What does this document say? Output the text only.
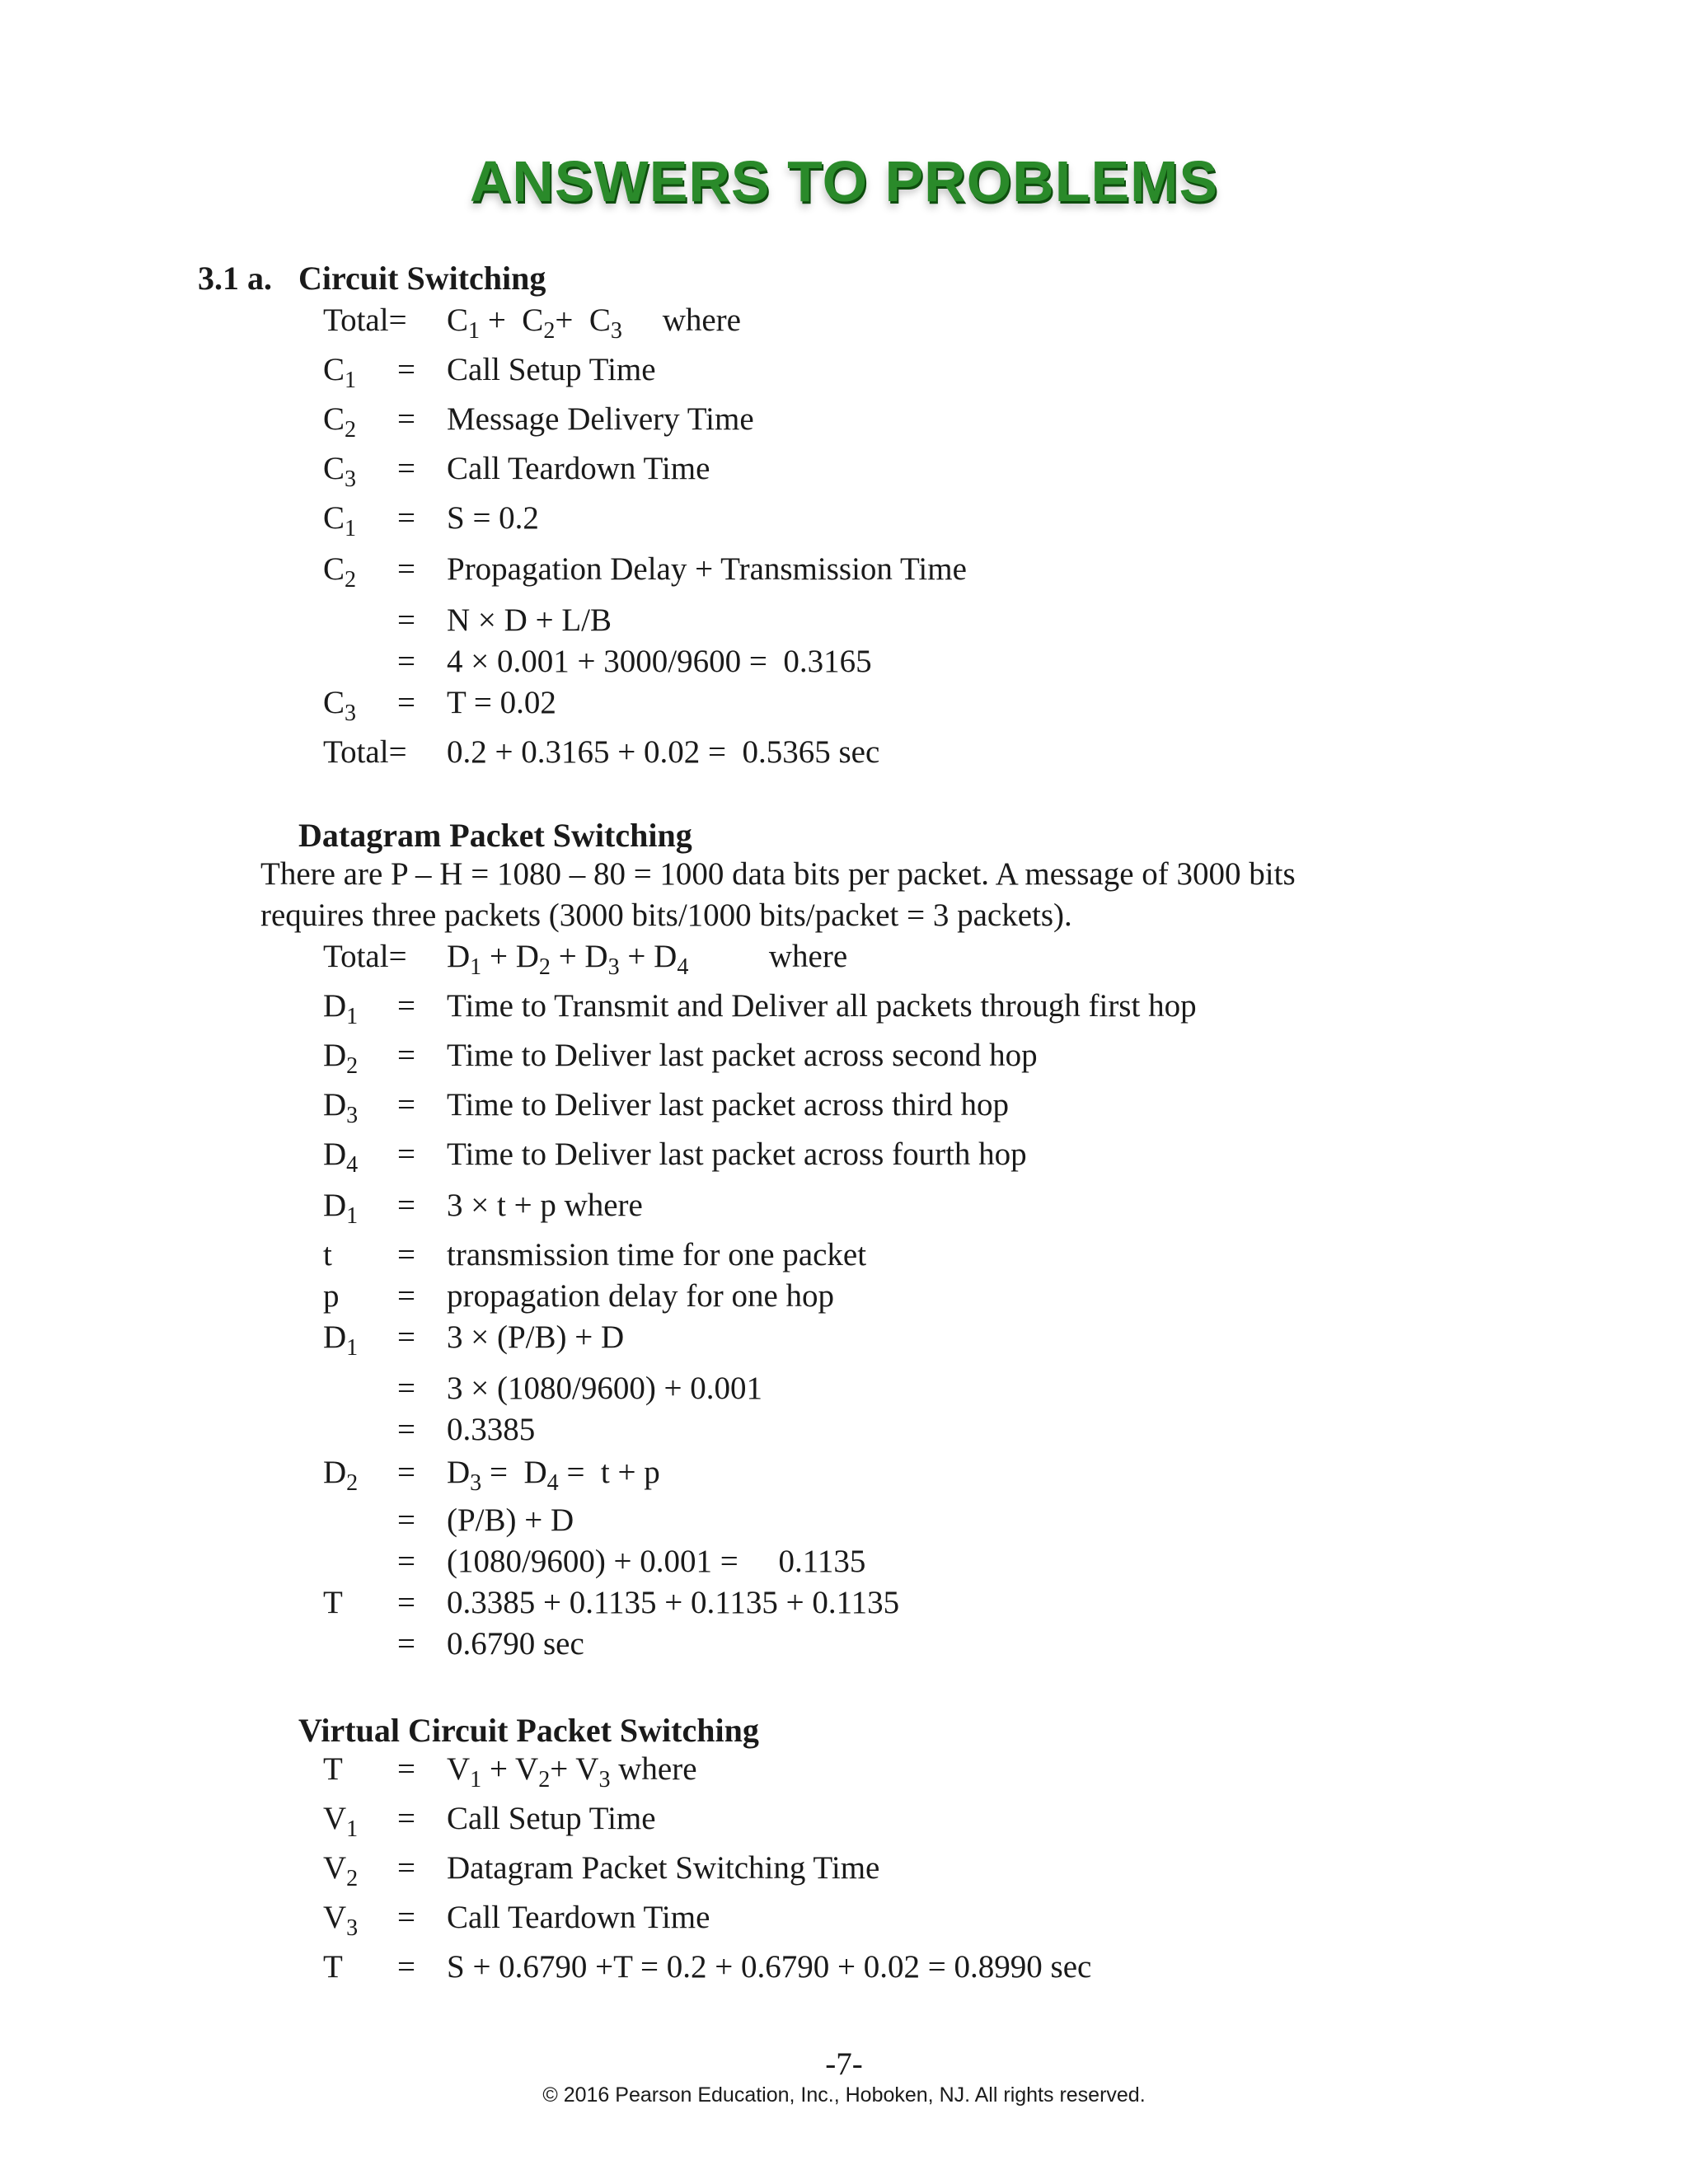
ANSWERS TO PROBLEMS
3.1 a. Circuit Switching
Total= $C_1 + C_2+ C_3$     where
$C_1$ = Call Setup Time
$C_2$ = Message Delivery Time
$C_3$ = Call Teardown Time
$C_1 = S = 0.2$
$C_2$ = Propagation Delay + Transmission Time
= N × D + L/B
= 4 × 0.001 + 3000/9600 =  0.3165
$C_3 = T = 0.02$
Total= 0.2 + 0.3165 + 0.02 =  0.5365 sec
Datagram Packet Switching
There are P – H = 1080 – 80 = 1000 data bits per packet. A message of 3000 bits
requires three packets (3000 bits/1000 bits/packet = 3 packets).
Total= $D_1 + D_2 + D_3 + D_4$          where
$D_1$ = Time to Transmit and Deliver all packets through first hop
$D_2$ = Time to Deliver last packet across second hop
$D_3$ = Time to Deliver last packet across third hop
$D_4$ = Time to Deliver last packet across fourth hop
$D_1 = 3 \times t + p$ where
t = transmission time for one packet
p = propagation delay for one hop
$D_1 = 3 \times (P/B) + D$
= 3 × (1080/9600) + 0.001
= 0.3385
$D_2 = D_3 = D_4 = t + p$
= (P/B) + D
= (1080/9600) + 0.001 =     0.1135
T = 0.3385 + 0.1135 + 0.1135 + 0.1135
= 0.6790 sec
Virtual Circuit Packet Switching
$T = V_1 + V_2+ V_3$ where
$V_1$ = Call Setup Time
$V_2$ = Datagram Packet Switching Time
$V_3$ = Call Teardown Time
T = S + 0.6790 +T = 0.2 + 0.6790 + 0.02 = 0.8990 sec
-7-
© 2016 Pearson Education, Inc., Hoboken, NJ. All rights reserved.
